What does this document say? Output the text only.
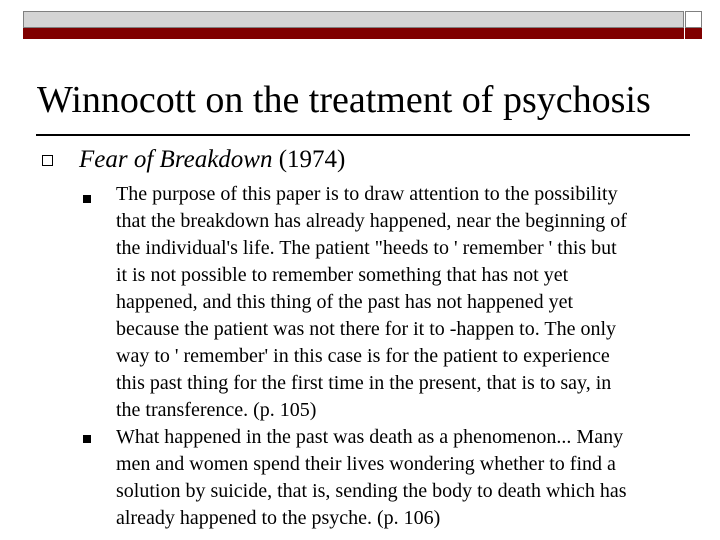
Winnocott on the treatment of psychosis
Fear of Breakdown (1974)
The purpose of this paper is to draw attention to the possibility
that the breakdown has already happened, near the beginning of
the individual's life. The patient "heeds to ' remember ' this but
it is not possible to remember something that has not yet
happened, and this thing of the past has not happened yet
because the patient was not there for it to -happen to. The only
way to ' remember' in this case is for the patient to experience
this past thing for the first time in the present, that is to say, in
the transference. (p. 105)
What happened in the past was death as a phenomenon... Many
men and women spend their lives wondering whether to find a
solution by suicide, that is, sending the body to death which has
already happened to the psyche. (p. 106)
